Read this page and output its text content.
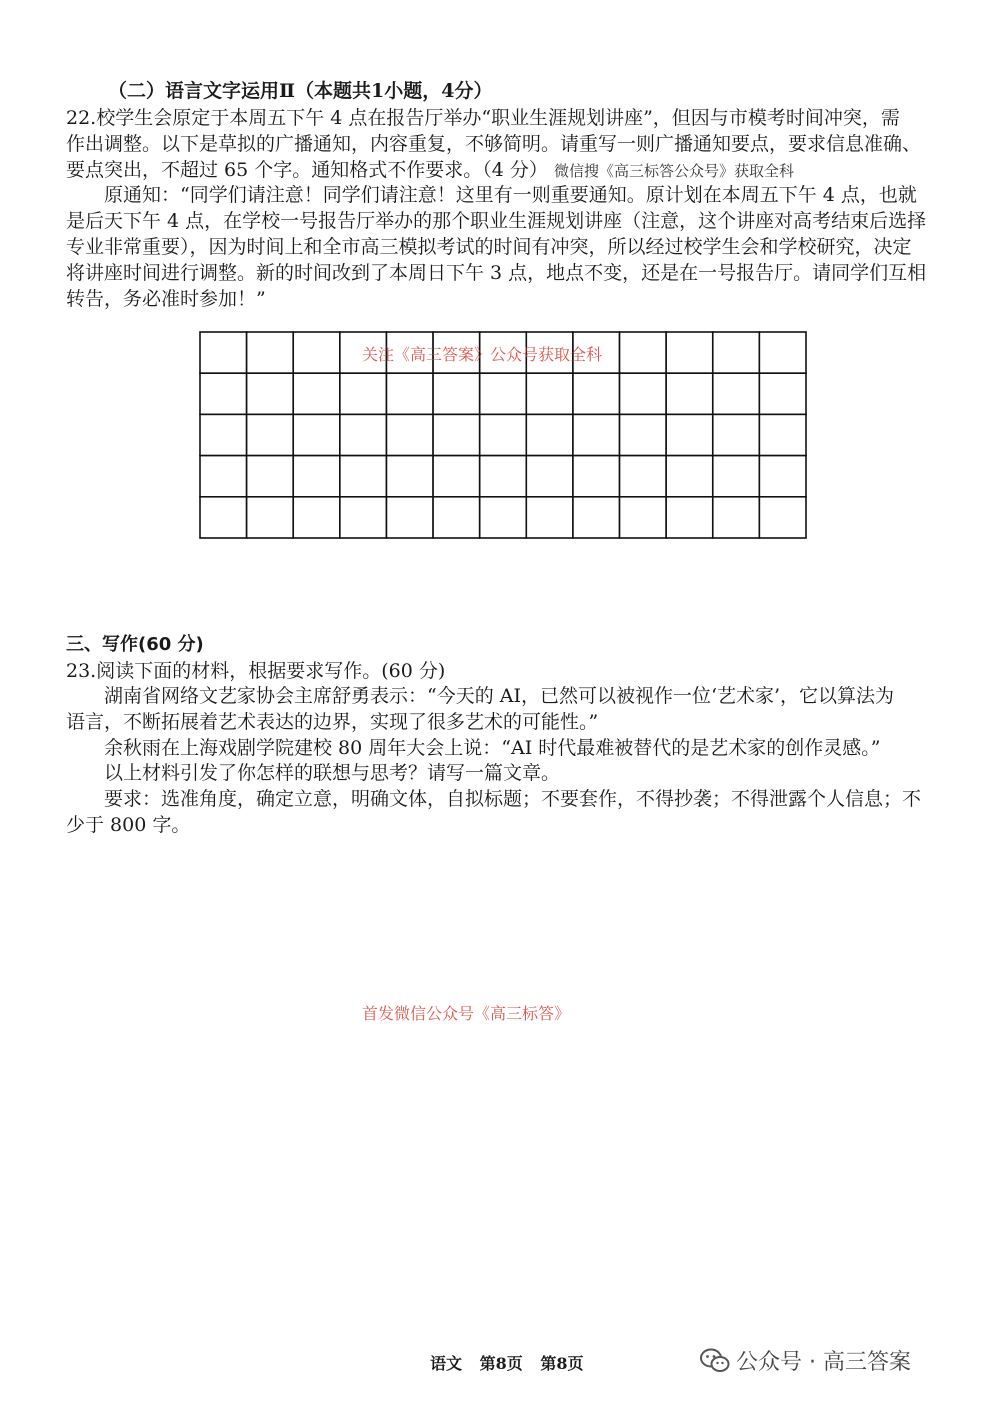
（二）语言文字运用Ⅱ（本题共1小题，4分）
22.校学生会原定于本周五下午 4 点在报告厅举办“职业生涯规划讲座”，但因与市模考时间冲突，需
作出调整。以下是草拟的广播通知，内容重复，不够简明。请重写一则广播通知要点，要求信息准确、
要点突出，不超过 65 个字。通知格式不作要求。（4 分） 微信搜《高三标答公众号》获取全科
原通知：“同学们请注意！同学们请注意！这里有一则重要通知。原计划在本周五下午 4 点，也就
是后天下午 4 点，在学校一号报告厅举办的那个职业生涯规划讲座（注意，这个讲座对高考结束后选择
专业非常重要），因为时间上和全市高三模拟考试的时间有冲突，所以经过校学生会和学校研究，决定
将讲座时间进行调整。新的时间改到了本周日下午 3 点，地点不变，还是在一号报告厅。请同学们互相
转告，务必准时参加！”
关注《高三答案》公众号获取全科
三、写作(60 分)
23.阅读下面的材料，根据要求写作。(60 分)
湖南省网络文艺家协会主席舒勇表示：“今天的 AI，已然可以被视作一位‘艺术家’，它以算法为
语言，不断拓展着艺术表达的边界，实现了很多艺术的可能性。”
余秋雨在上海戏剧学院建校 80 周年大会上说：“AI 时代最难被替代的是艺术家的创作灵感。”
以上材料引发了你怎样的联想与思考？请写一篇文章。
要求：选准角度，确定立意，明确文体，自拟标题；不要套作，不得抄袭；不得泄露个人信息；不
少于 800 字。
首发微信公众号《高三标答》
语文 第8页 第8页	公众号 · 高三答案
